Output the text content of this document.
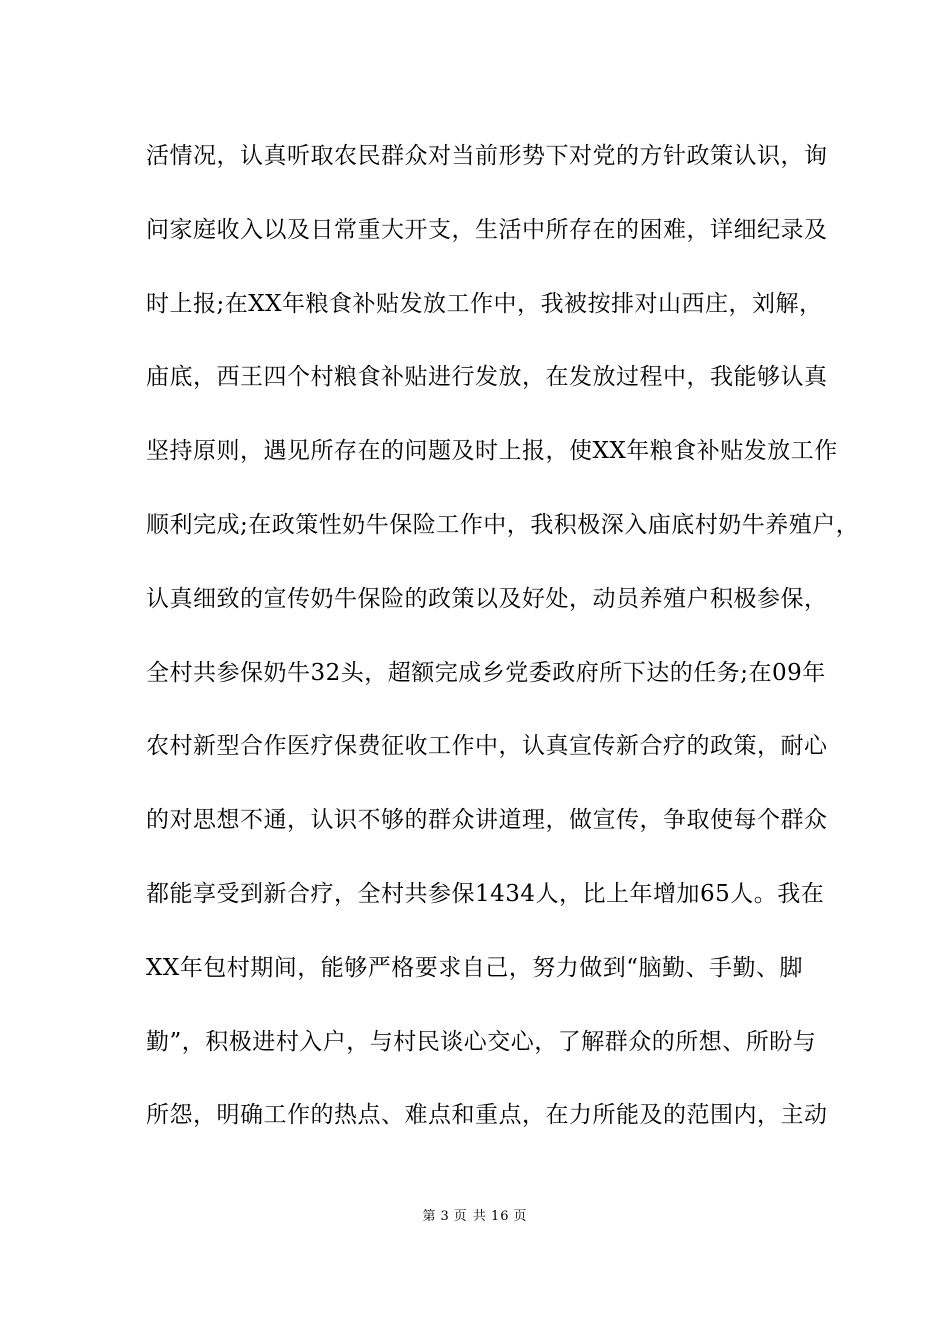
活情况，认真听取农民群众对当前形势下对党的方针政策认识，询
问家庭收入以及日常重大开支，生活中所存在的困难，详细纪录及
时上报;在XX年粮食补贴发放工作中，我被按排对山西庄，刘解，
庙底，西王四个村粮食补贴进行发放，在发放过程中，我能够认真
坚持原则，遇见所存在的问题及时上报，使XX年粮食补贴发放工作
顺利完成;在政策性奶牛保险工作中，我积极深入庙底村奶牛养殖户，
认真细致的宣传奶牛保险的政策以及好处，动员养殖户积极参保，
全村共参保奶牛32头，超额完成乡党委政府所下达的任务;在09年
农村新型合作医疗保费征收工作中，认真宣传新合疗的政策，耐心
的对思想不通，认识不够的群众讲道理，做宣传，争取使每个群众
都能享受到新合疗，全村共参保1434人，比上年增加65人。我在
XX年包村期间，能够严格要求自己，努力做到“脑勤、手勤、脚
勤”，积极进村入户，与村民谈心交心，了解群众的所想、所盼与
所怨，明确工作的热点、难点和重点，在力所能及的范围内，主动
第 3 页 共 16 页
